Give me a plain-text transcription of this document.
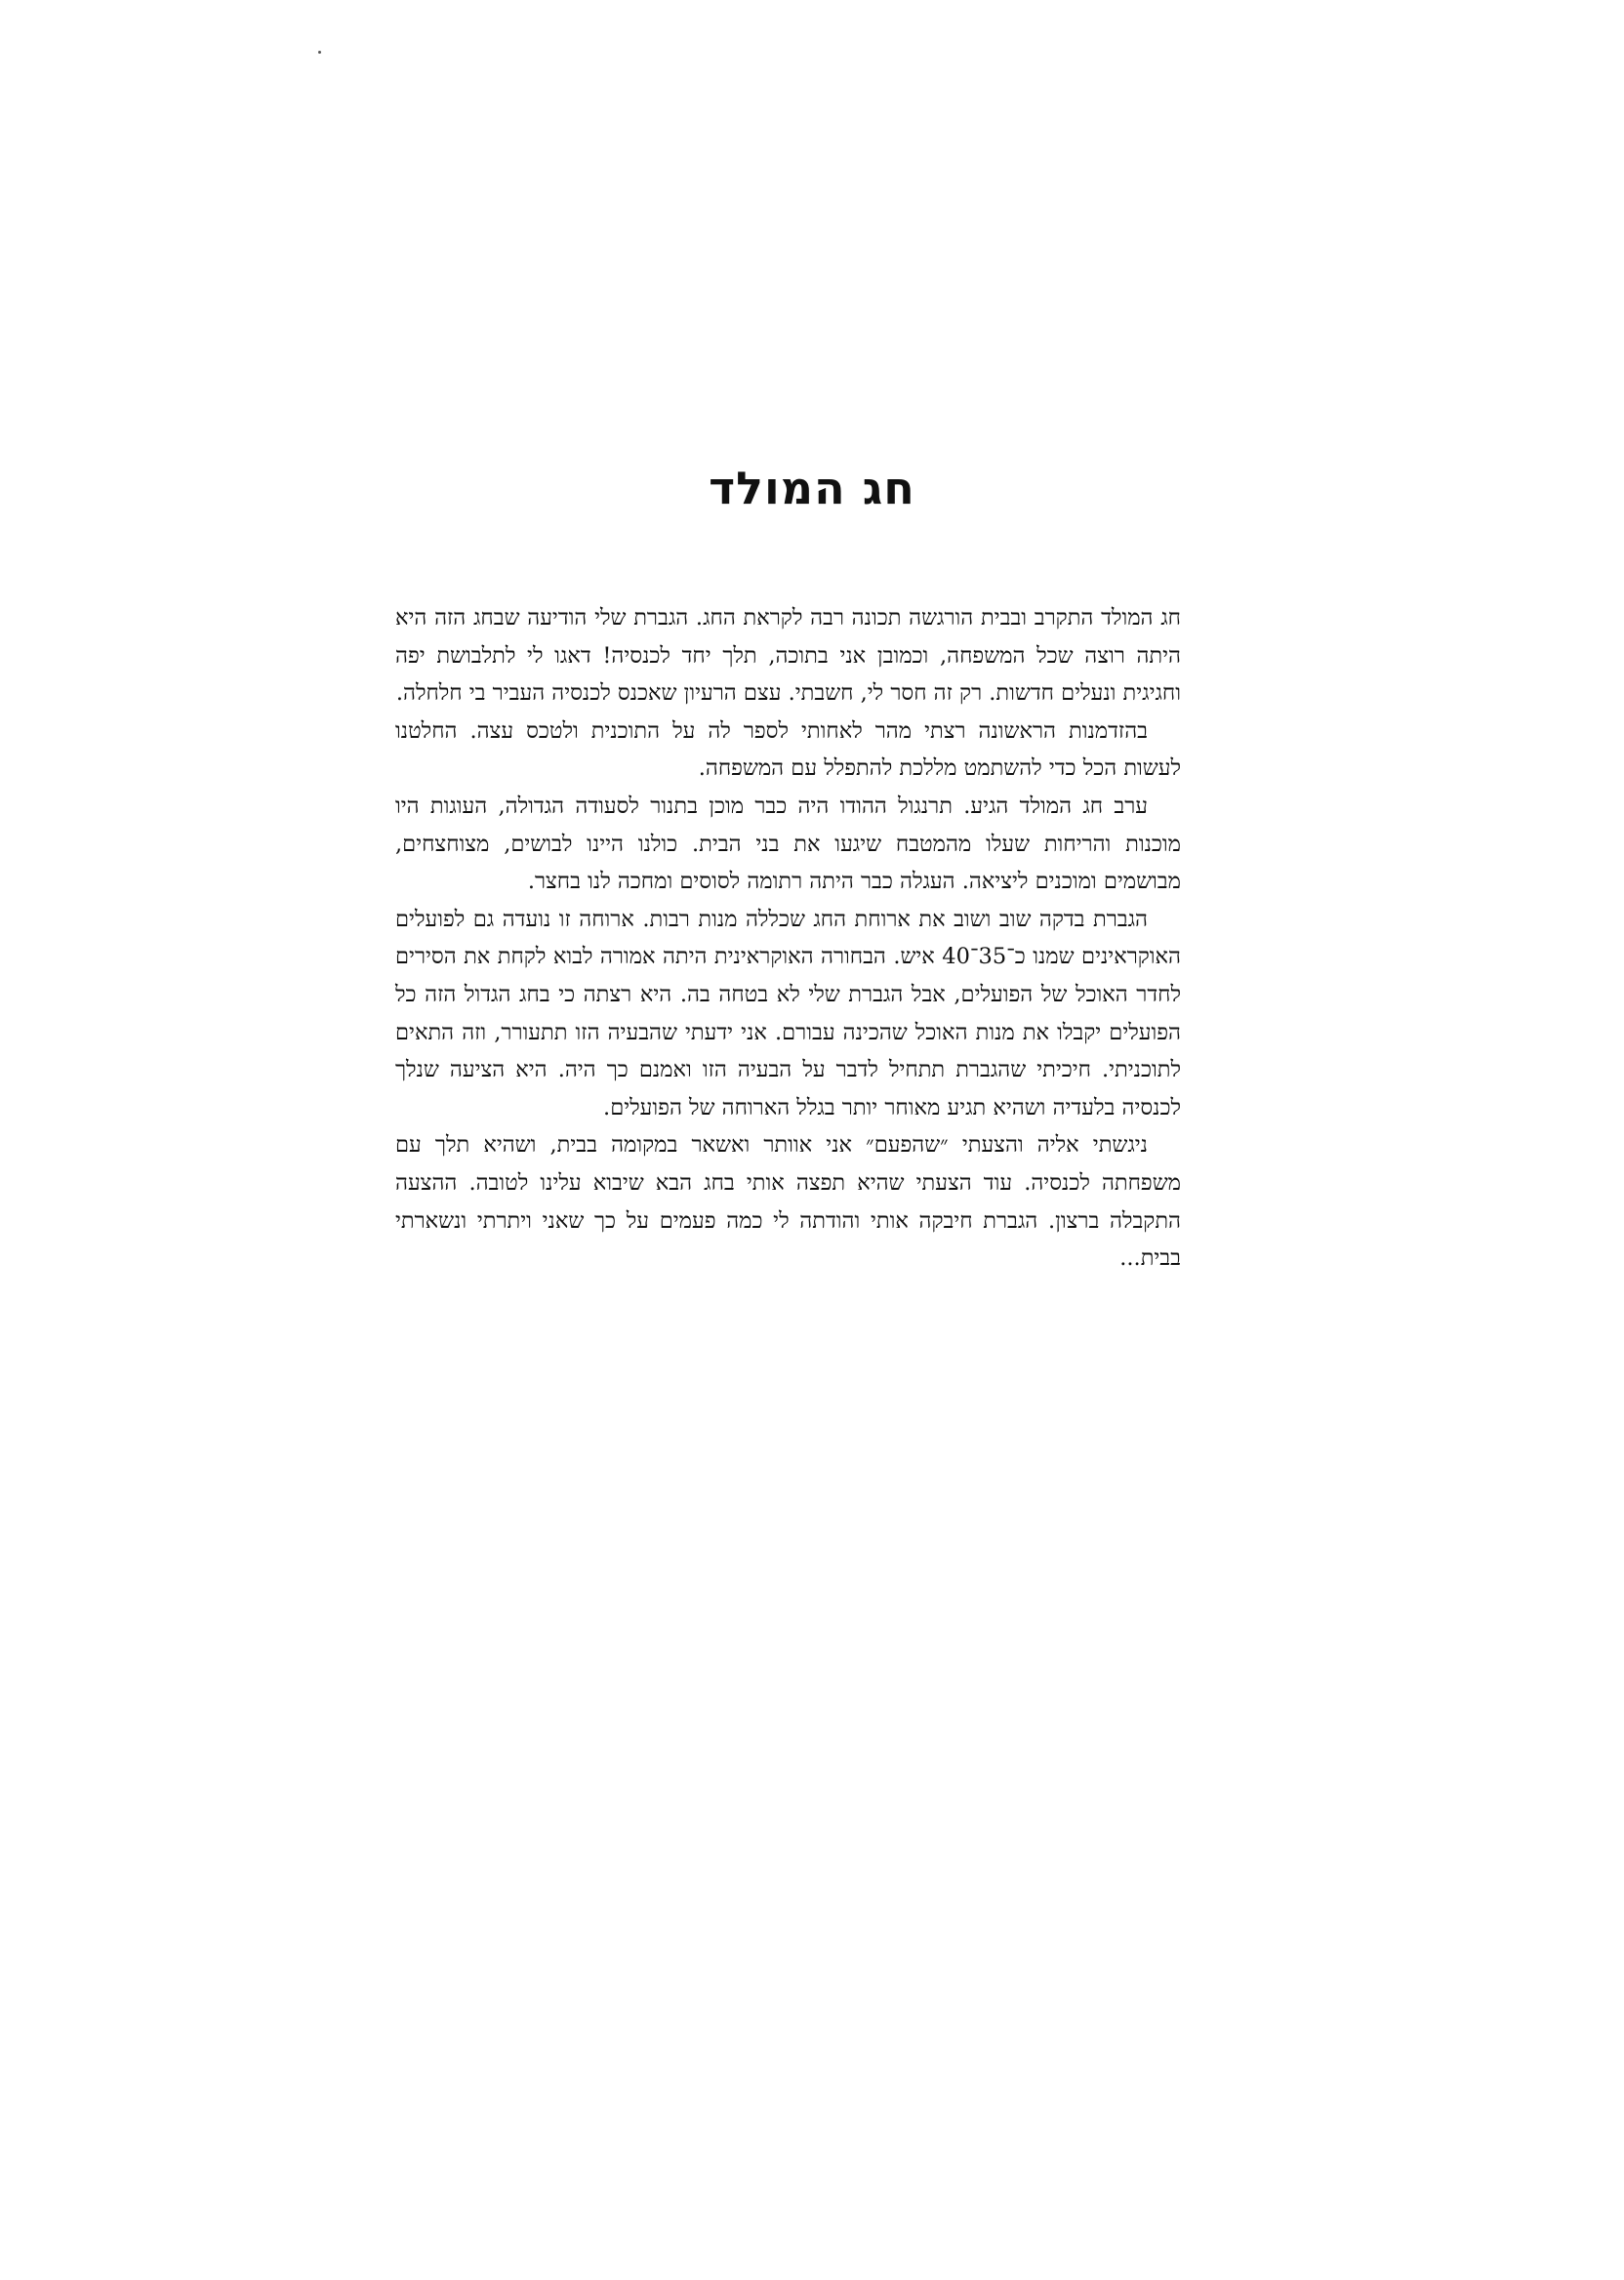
חג המולד

חג המולד התקרב ובבית הורגשה תכונה רבה לקראת החג. הגברת שלי הודיעה שבחג הזה היא היתה רוצה שכל המשפחה, וכמובן אני בתוכה, תלך יחד לכנסיה! דאגו לי לתלבושת יפה וחגיגית ונעלים חדשות. רק זה חסר לי, חשבתי. עצם הרעיון שאכנס לכנסיה העביר בי חלחלה.

בהזדמנות הראשונה רצתי מהר לאחותי לספר לה על התוכנית ולטכס עצה. החלטנו לעשות הכל כדי להשתמט מללכת להתפלל עם המשפחה.

ערב חג המולד הגיע. תרנגול ההודו היה כבר מוכן בתנור לסעודה הגדולה, העוגות היו מוכנות והריחות שעלו מהמטבח שיגעו את בני הבית. כולנו היינו לבושים, מצוחצחים, מבושמים ומוכנים ליציאה. העגלה כבר היתה רתומה לסוסים ומחכה לנו בחצר.

הגברת בדקה שוב ושוב את ארוחת החג שכללה מנות רבות. ארוחה זו נועדה גם לפועלים האוקראינים שמנו כ־35־40 איש. הבחורה האוקראינית היתה אמורה לבוא לקחת את הסירים לחדר האוכל של הפועלים, אבל הגברת שלי לא בטחה בה. היא רצתה כי בחג הגדול הזה כל הפועלים יקבלו את מנות האוכל שהכינה עבורם. אני ידעתי שהבעיה הזו תתעורר, וזה התאים לתוכניתי. חיכיתי שהגברת תתחיל לדבר על הבעיה הזו ואמנם כך היה. היא הציעה שנלך לכנסיה בלעדיה ושהיא תגיע מאוחר יותר בגלל הארוחה של הפועלים.

ניגשתי אליה והצעתי ״שהפעם״ אני אוותר ואשאר במקומה בבית, ושהיא תלך עם משפחתה לכנסיה. עוד הצעתי שהיא תפצה אותי בחג הבא שיבוא עלינו לטובה. ההצעה התקבלה ברצון. הגברת חיבקה אותי והודתה לי כמה פעמים על כך שאני ויתרתי ונשארתי בבית...
